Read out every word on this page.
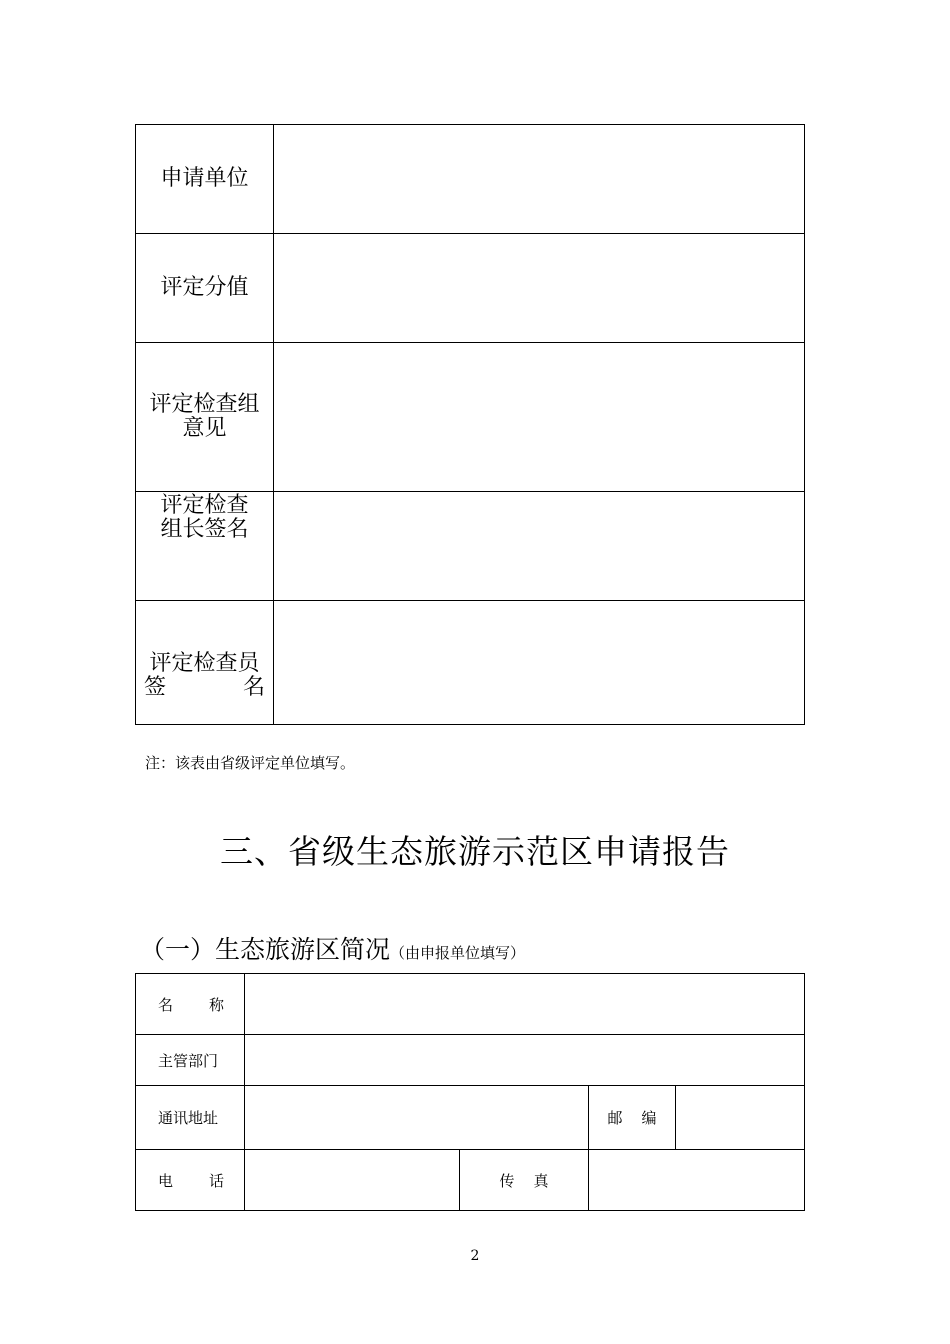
申请单位	
评定分值	

评定检查组
意见	

评定检查
组长签名	

评定检查员
签 名	

注：该表由省级评定单位填写。
三、省级生态旅游示范区申请报告
（一）生态旅游区简况（由申报单位填写）
名 称				

主管部门				
通讯地址			邮 编	

电 话		传 真		

2
